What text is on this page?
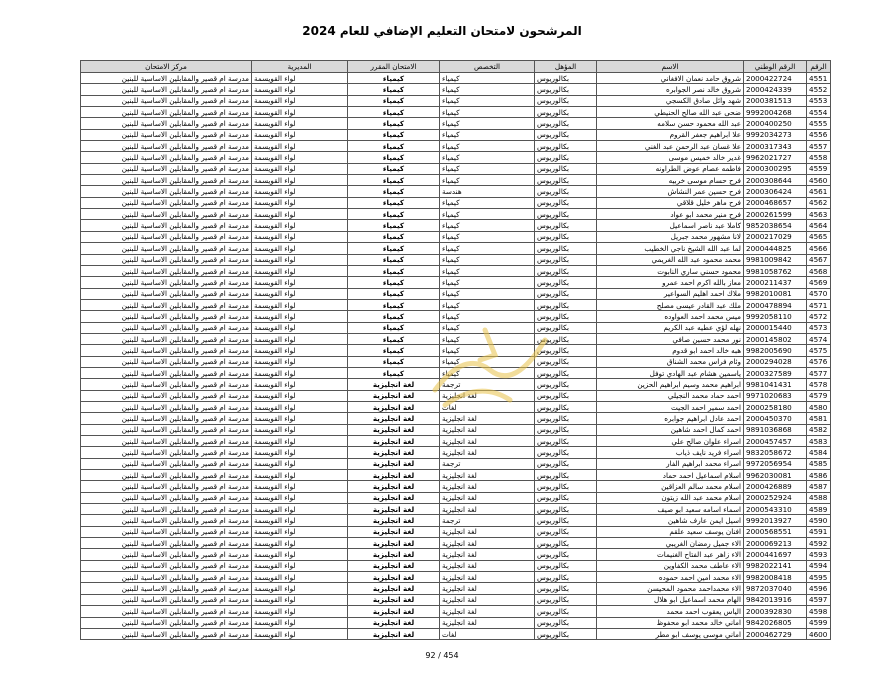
المرشحون لامتحان التعليم الإضافي للعام 2024
الرقم	الرقم الوطني	الاسم	المؤهل	التخصص	الامتحان المقرر	المديرية	مركز الامتحان
4551	2000422724	شروق حامد نعمان الافغاني	بكالوريوس	كيمياء	كيمياء	لواء القويسمة	مدرسة ام قصير والمقابلين الاساسية للبنين
4552	2000424339	شروق خالد نصر الجوابره	بكالوريوس	كيمياء	كيمياء	لواء القويسمة	مدرسة ام قصير والمقابلين الاساسية للبنين
4553	2000381513	شهد وائل صادق الكسجي	بكالوريوس	كيمياء	كيمياء	لواء القويسمة	مدرسة ام قصير والمقابلين الاساسية للبنين
4554	9992004268	ضحى عبد الله صالح الحنيطي	بكالوريوس	كيمياء	كيمياء	لواء القويسمة	مدرسة ام قصير والمقابلين الاساسية للبنين
4555	2000400250	عبد الله محمود حسن سلامه	بكالوريوس	كيمياء	كيمياء	لواء القويسمة	مدرسة ام قصير والمقابلين الاساسية للبنين
4556	9992034273	علا ابراهيم جعفر القروم	بكالوريوس	كيمياء	كيمياء	لواء القويسمة	مدرسة ام قصير والمقابلين الاساسية للبنين
4557	2000317343	علا غسان عبد الرحمن عبد الغني	بكالوريوس	كيمياء	كيمياء	لواء القويسمة	مدرسة ام قصير والمقابلين الاساسية للبنين
4558	9962021727	غدير خالد خميس موسى	بكالوريوس	كيمياء	كيمياء	لواء القويسمة	مدرسة ام قصير والمقابلين الاساسية للبنين
4559	2000300295	فاطمه عصام عوض الطراونه	بكالوريوس	كيمياء	كيمياء	لواء القويسمة	مدرسة ام قصير والمقابلين الاساسية للبنين
4560	2000308644	فرح حسام موسى خربيه	بكالوريوس	كيمياء	كيمياء	لواء القويسمة	مدرسة ام قصير والمقابلين الاساسية للبنين
4561	2000306424	فرح حسين عمر النشاش	بكالوريوس	هندسة	كيمياء	لواء القويسمة	مدرسة ام قصير والمقابلين الاساسية للبنين
4562	2000468657	فرح ماهر خليل قلاقي	بكالوريوس	كيمياء	كيمياء	لواء القويسمة	مدرسة ام قصير والمقابلين الاساسية للبنين
4563	2000261599	فرح منير محمد ابو عواد	بكالوريوس	كيمياء	كيمياء	لواء القويسمة	مدرسة ام قصير والمقابلين الاساسية للبنين
4564	9852038654	كاملا عبد ناصر اسماعيل	بكالوريوس	كيمياء	كيمياء	لواء القويسمة	مدرسة ام قصير والمقابلين الاساسية للبنين
4565	2000217029	لانا مشهور محمد جبريل	بكالوريوس	كيمياء	كيمياء	لواء القويسمة	مدرسة ام قصير والمقابلين الاساسية للبنين
4566	2000444825	لما عبد الله الشيخ ناجي الخطيب	بكالوريوس	كيمياء	كيمياء	لواء القويسمة	مدرسة ام قصير والمقابلين الاساسية للبنين
4567	9981009842	محمد محمود عبد الله الغريمي	بكالوريوس	كيمياء	كيمياء	لواء القويسمة	مدرسة ام قصير والمقابلين الاساسية للبنين
4568	9981058762	محمود حسني ساري النابوت	بكالوريوس	كيمياء	كيمياء	لواء القويسمة	مدرسة ام قصير والمقابلين الاساسية للبنين
4569	2000211437	معاز بالله اكرم احمد عمرو	بكالوريوس	كيمياء	كيمياء	لواء القويسمة	مدرسة ام قصير والمقابلين الاساسية للبنين
4570	9982010081	ملاك احمد اهليم السواعير	بكالوريوس	كيمياء	كيمياء	لواء القويسمة	مدرسة ام قصير والمقابلين الاساسية للبنين
4571	2000478894	ملك عبد القادر عيسى مصلح	بكالوريوس	كيمياء	كيمياء	لواء القويسمة	مدرسة ام قصير والمقابلين الاساسية للبنين
4572	9992058110	ميس محمد احمد العواوده	بكالوريوس	كيمياء	كيمياء	لواء القويسمة	مدرسة ام قصير والمقابلين الاساسية للبنين
4573	2000015440	نهله لؤي عطيه عبد الكريم	بكالوريوس	كيمياء	كيمياء	لواء القويسمة	مدرسة ام قصير والمقابلين الاساسية للبنين
4574	2000145802	نور محمد حسين صافي	بكالوريوس	كيمياء	كيمياء	لواء القويسمة	مدرسة ام قصير والمقابلين الاساسية للبنين
4575	9982005690	هبه خالد احمد ابو قدوم	بكالوريوس	كيمياء	كيمياء	لواء القويسمة	مدرسة ام قصير والمقابلين الاساسية للبنين
4576	2000294028	وئام فراس محمد الشناق	بكالوريوس	كيمياء	كيمياء	لواء القويسمة	مدرسة ام قصير والمقابلين الاساسية للبنين
4577	2000327589	ياسمين هشام عبد الهادي توفل	بكالوريوس	كيمياء	كيمياء	لواء القويسمة	مدرسة ام قصير والمقابلين الاساسية للبنين
4578	9981041431	ابراهيم محمد وسيم ابراهيم الحزين	بكالوريوس	ترجمة	لغة انجليزية	لواء القويسمة	مدرسة ام قصير والمقابلين الاساسية للبنين
4579	9971020683	احمد حماد محمد النجيلي	بكالوريوس	لغة انجليزية	لغة انجليزية	لواء القويسمة	مدرسة ام قصير والمقابلين الاساسية للبنين
4580	2000258180	احمد سمير احمد الجيت	بكالوريوس	لغات	لغة انجليزية	لواء القويسمة	مدرسة ام قصير والمقابلين الاساسية للبنين
4581	2000450370	احمد عادل ابراهيم جوابره	بكالوريوس	لغة انجليزية	لغة انجليزية	لواء القويسمة	مدرسة ام قصير والمقابلين الاساسية للبنين
4582	9891036868	احمد كمال احمد شاهين	بكالوريوس	لغة انجليزية	لغة انجليزية	لواء القويسمة	مدرسة ام قصير والمقابلين الاساسية للبنين
4583	2000457457	اسراء علوان صالح علي	بكالوريوس	لغة انجليزية	لغة انجليزية	لواء القويسمة	مدرسة ام قصير والمقابلين الاساسية للبنين
4584	9832058672	اسراء فريد نايف ذياب	بكالوريوس	لغة انجليزية	لغة انجليزية	لواء القويسمة	مدرسة ام قصير والمقابلين الاساسية للبنين
4585	9972056954	اسراء محمد ابراهيم الفار	بكالوريوس	ترجمة	لغة انجليزية	لواء القويسمة	مدرسة ام قصير والمقابلين الاساسية للبنين
4586	9962030081	اسلام اسماعيل احمد حماد	بكالوريوس	لغة انجليزية	لغة انجليزية	لواء القويسمة	مدرسة ام قصير والمقابلين الاساسية للبنين
4587	2000426889	اسلام محمد سالم العزاقين	بكالوريوس	لغة انجليزية	لغة انجليزية	لواء القويسمة	مدرسة ام قصير والمقابلين الاساسية للبنين
4588	2000252924	اسلام محمد عبد الله زيتون	بكالوريوس	لغة انجليزية	لغة انجليزية	لواء القويسمة	مدرسة ام قصير والمقابلين الاساسية للبنين
4589	2000543310	اسماء اسامه سعيد ابو صيف	بكالوريوس	لغة انجليزية	لغة انجليزية	لواء القويسمة	مدرسة ام قصير والمقابلين الاساسية للبنين
4590	9992013927	اسيل ايمن عارف شاهين	بكالوريوس	ترجمة	لغة انجليزية	لواء القويسمة	مدرسة ام قصير والمقابلين الاساسية للبنين
4591	2000568551	افنان يوسف سعيد علقم	بكالوريوس	لغة انجليزية	لغة انجليزية	لواء القويسمة	مدرسة ام قصير والمقابلين الاساسية للبنين
4592	2000069213	الاء جميل رمضان الغريبي	بكالوريوس	لغة انجليزية	لغة انجليزية	لواء القويسمة	مدرسة ام قصير والمقابلين الاساسية للبنين
4593	2000441697	الاء زاهر عبد الفتاح الغنيمات	بكالوريوس	لغة انجليزية	لغة انجليزية	لواء القويسمة	مدرسة ام قصير والمقابلين الاساسية للبنين
4594	9982022141	الاء عاطف محمد الكفاوين	بكالوريوس	لغة انجليزية	لغة انجليزية	لواء القويسمة	مدرسة ام قصير والمقابلين الاساسية للبنين
4595	9982008418	الاء محمد امين احمد حموده	بكالوريوس	لغة انجليزية	لغة انجليزية	لواء القويسمة	مدرسة ام قصير والمقابلين الاساسية للبنين
4596	9872037040	الاء محمداحمد محمود المحيسن	بكالوريوس	لغة انجليزية	لغة انجليزية	لواء القويسمة	مدرسة ام قصير والمقابلين الاساسية للبنين
4597	9842013916	الهام محمد اسماعيل ابو هلال	بكالوريوس	لغة انجليزية	لغة انجليزية	لواء القويسمة	مدرسة ام قصير والمقابلين الاساسية للبنين
4598	2000392830	الياس يعقوب احمد محمد	بكالوريوس	لغة انجليزية	لغة انجليزية	لواء القويسمة	مدرسة ام قصير والمقابلين الاساسية للبنين
4599	9842026805	اماني خالد محمد ابو محفوظ	بكالوريوس	لغة انجليزية	لغة انجليزية	لواء القويسمة	مدرسة ام قصير والمقابلين الاساسية للبنين
4600	2000462729	اماني موسى يوسف ابو مطر	بكالوريوس	لغات	لغة انجليزية	لواء القويسمة	مدرسة ام قصير والمقابلين الاساسية للبنين
92 / 454
